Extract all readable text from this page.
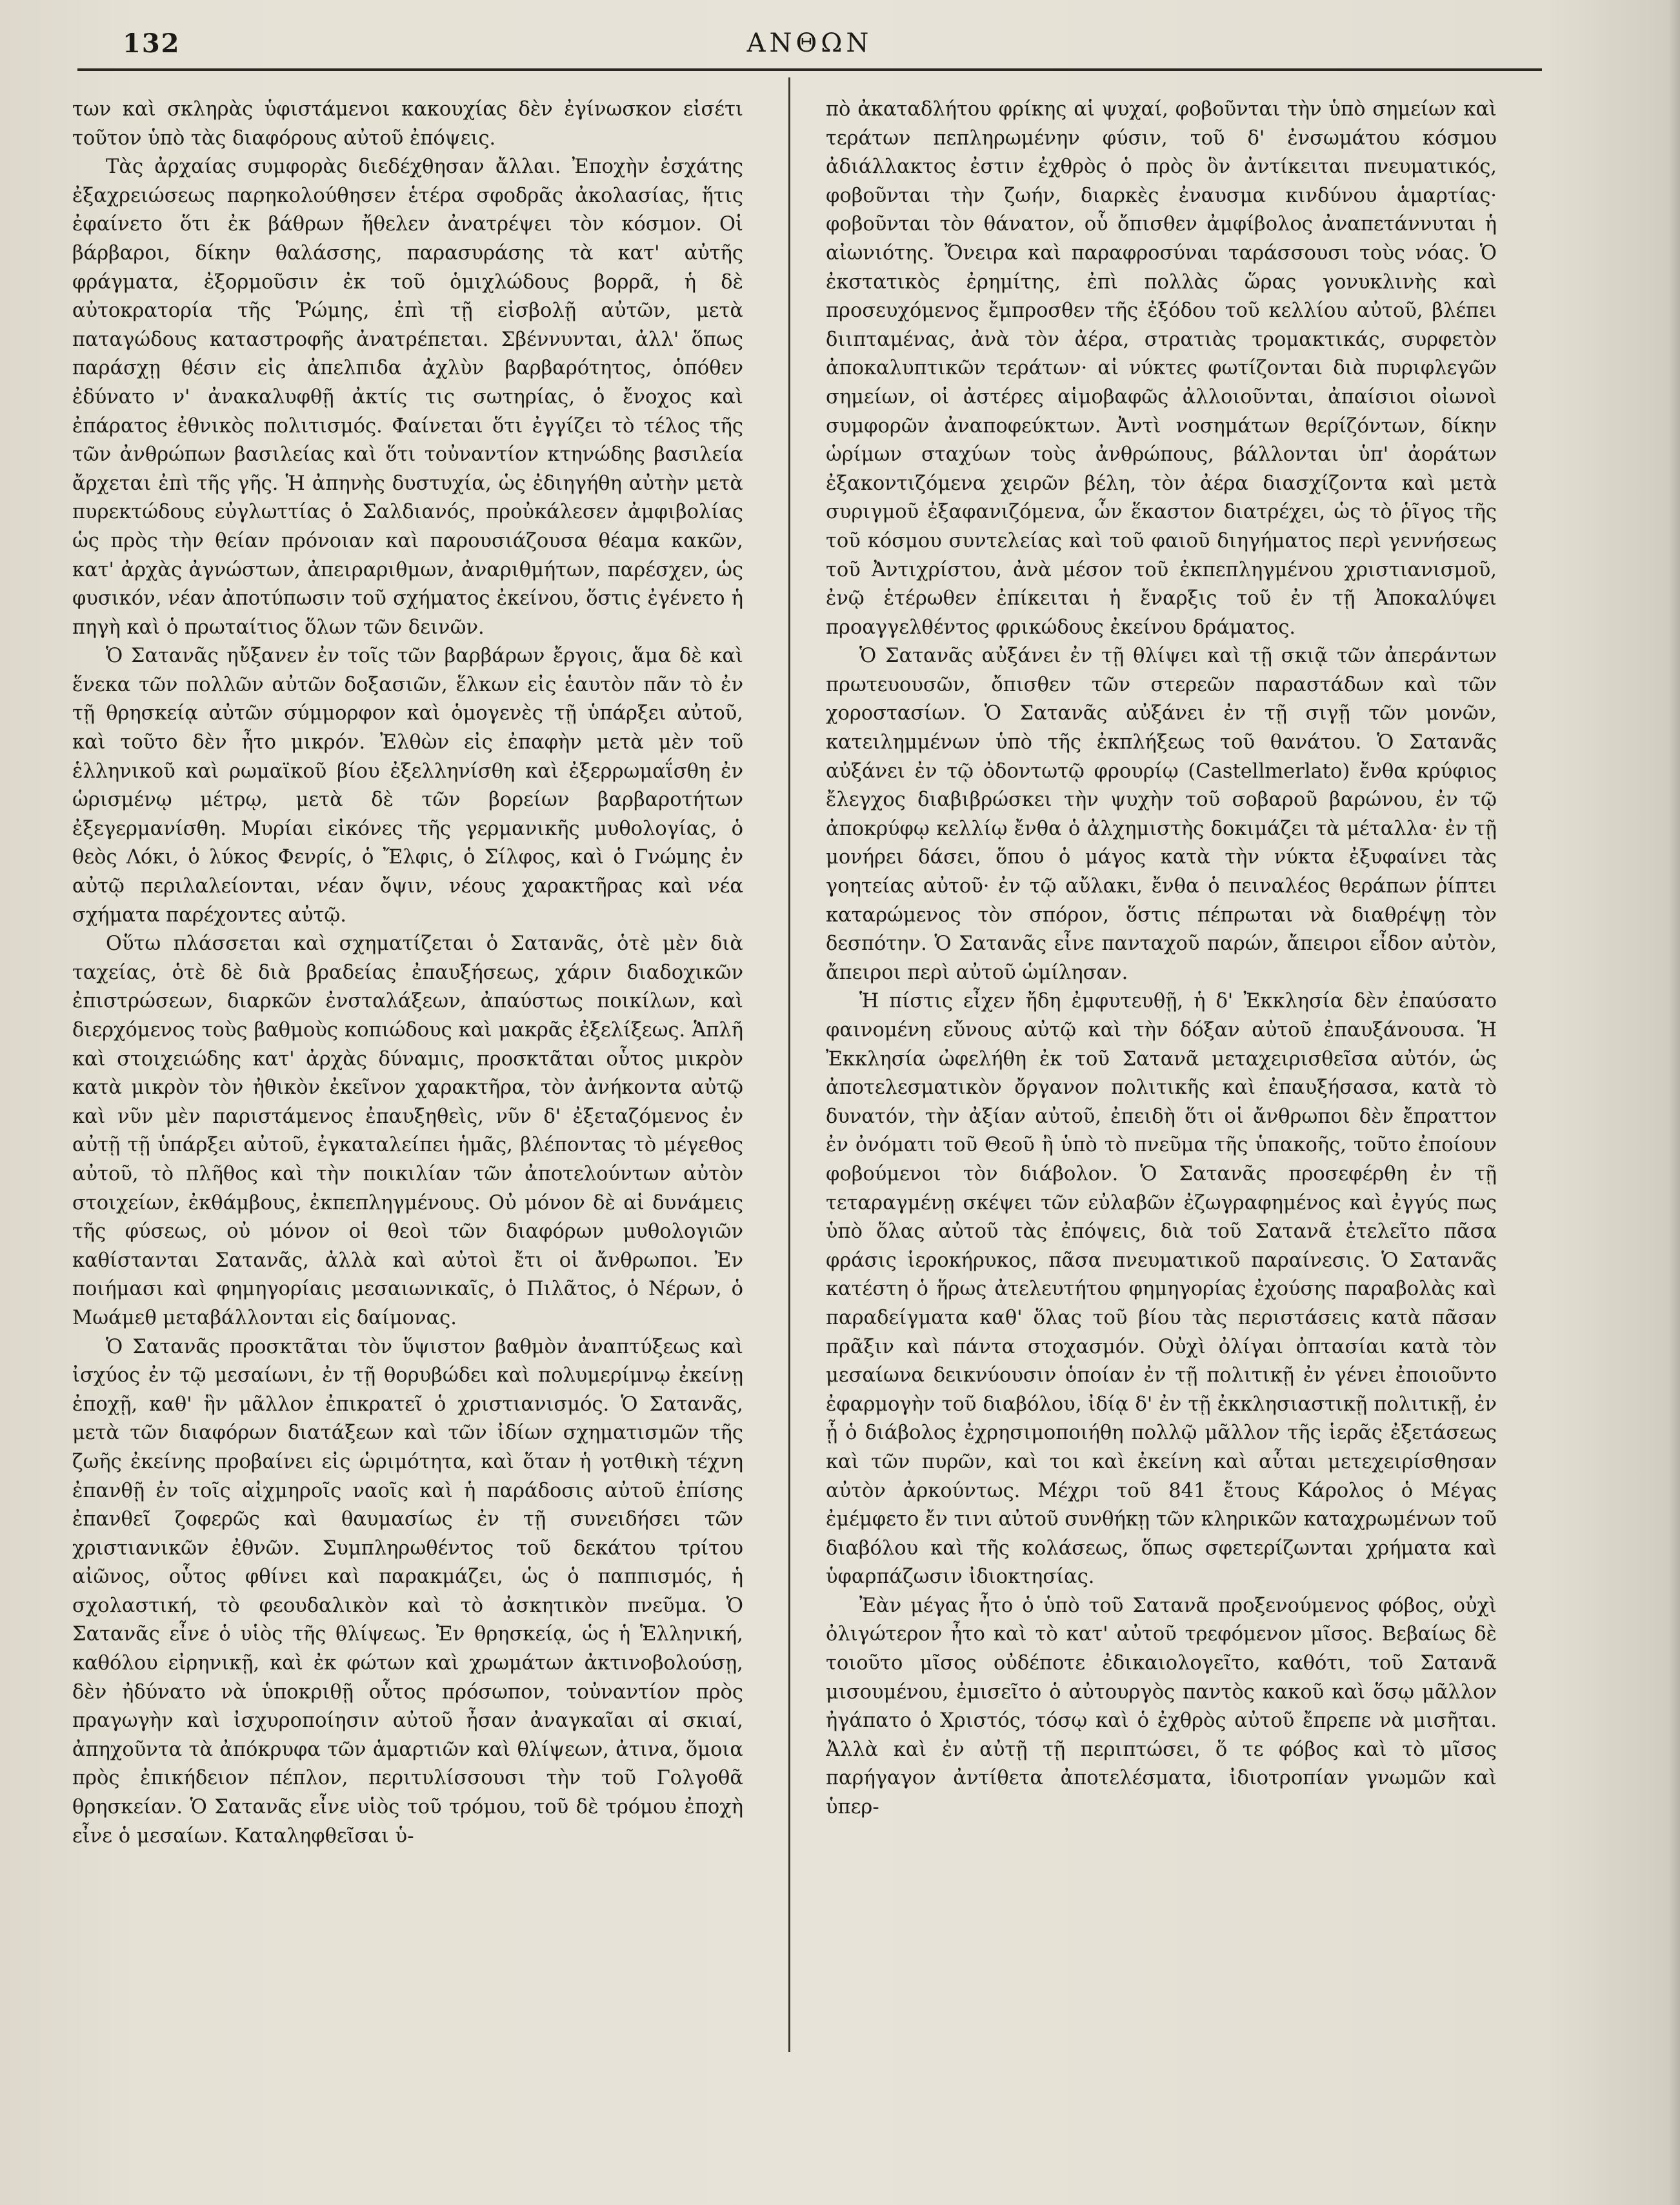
132	ΑΝΘΩΝ

των καὶ σκληρὰς ὑφιστάμενοι κακουχίας δὲν ἐγίνωσκον εἰσέτι τοῦτον ὑπὸ τὰς διαφόρους αὐτοῦ ἐπόψεις.

Τὰς ἀρχαίας συμφορὰς διεδέχθησαν ἄλλαι. Ἐποχὴν ἐσχάτης ἐξαχρειώσεως παρηκολούθησεν ἑτέρα σφοδρᾶς ἀκολασίας, ἥτις ἐφαίνετο ὅτι ἐκ βάθρων ἤθελεν ἀνατρέψει τὸν κόσμον. Οἱ βάρβαροι, δίκην θαλάσσης, παρασυράσης τὰ κατ' αὐτῆς φράγματα, ἐξορμοῦσιν ἐκ τοῦ ὁμιχλώδους βορρᾶ, ἡ δὲ αὐτοκρατορία τῆς Ῥώμης, ἐπὶ τῇ εἰσβολῇ αὐτῶν, μετὰ παταγώδους καταστροφῆς ἀνατρέπεται. Σβέννυνται, ἀλλ' ὅπως παράσχῃ θέσιν εἰς ἀπελπιδα ἀχλὺν βαρβαρότητος, ὁπόθεν ἐδύνατο ν' ἀνακαλυφθῇ ἀκτίς τις σωτηρίας, ὁ ἔνοχος καὶ ἐπάρατος ἐθνικὸς πολιτισμός. Φαίνεται ὅτι ἐγγίζει τὸ τέλος τῆς τῶν ἀνθρώπων βασιλείας καὶ ὅτι τοὐναντίον κτηνώδης βασιλεία ἄρχεται ἐπὶ τῆς γῆς. Ἡ ἀπηνὴς δυστυχία, ὡς ἐδιηγήθη αὐτὴν μετὰ πυρεκτώδους εὐγλωττίας ὁ Σαλδιανός, προὐκάλεσεν ἀμφιβολίας ὡς πρὸς τὴν θείαν πρόνοιαν καὶ παρουσιάζουσα θέαμα κακῶν, κατ' ἀρχὰς ἀγνώστων, ἀπειραριθμων, ἀναριθμήτων, παρέσχεν, ὡς φυσικόν, νέαν ἀποτύπωσιν τοῦ σχήματος ἐκείνου, ὅστις ἐγένετο ἡ πηγὴ καὶ ὁ πρωταίτιος ὅλων τῶν δεινῶν.

Ὁ Σατανᾶς ηὔξανεν ἐν τοῖς τῶν βαρβάρων ἔργοις, ἅμα δὲ καὶ ἕνεκα τῶν πολλῶν αὐτῶν δοξασιῶν, ἕλκων εἰς ἑαυτὸν πᾶν τὸ ἐν τῇ θρησκείᾳ αὐτῶν σύμμορφον καὶ ὁμογενὲς τῇ ὑπάρξει αὐτοῦ, καὶ τοῦτο δὲν ἦτο μικρόν. Ἐλθὼν εἰς ἐπαφὴν μετὰ μὲν τοῦ ἑλληνικοῦ καὶ ρωμαϊκοῦ βίου ἐξελληνίσθη καὶ ἐξερρωμαΐσθη ἐν ὡρισμένῳ μέτρῳ, μετὰ δὲ τῶν βορείων βαρβαροτήτων ἐξεγερμανίσθη. Μυρίαι εἰκόνες τῆς γερμανικῆς μυθολογίας, ὁ θεὸς Λόκι, ὁ λύκος Φενρίς, ὁ Ἔλφις, ὁ Σίλφος, καὶ ὁ Γνώμης ἐν αὐτῷ περιλαλείονται, νέαν ὄψιν, νέους χαρακτῆρας καὶ νέα σχήματα παρέχοντες αὐτῷ.

Οὕτω πλάσσεται καὶ σχηματίζεται ὁ Σατανᾶς, ὁτὲ μὲν διὰ ταχείας, ὁτὲ δὲ διὰ βραδείας ἐπαυξήσεως, χάριν διαδοχικῶν ἐπιστρώσεων, διαρκῶν ἐνσταλάξεων, ἀπαύστως ποικίλων, καὶ διερχόμενος τοὺς βαθμοὺς κοπιώδους καὶ μακρᾶς ἐξελίξεως. Ἁπλῆ καὶ στοιχειώδης κατ' ἀρχὰς δύναμις, προσκτᾶται οὗτος μικρὸν κατὰ μικρὸν τὸν ἠθικὸν ἐκεῖνον χαρακτῆρα, τὸν ἀνήκοντα αὐτῷ καὶ νῦν μὲν παριστάμενος ἐπαυξηθεὶς, νῦν δ' ἐξεταζόμενος ἐν αὐτῇ τῇ ὑπάρξει αὐτοῦ, ἐγκαταλείπει ἡμᾶς, βλέποντας τὸ μέγεθος αὐτοῦ, τὸ πλῆθος καὶ τὴν ποικιλίαν τῶν ἀποτελούντων αὐτὸν στοιχείων, ἐκθάμβους, ἐκπεπληγμένους. Οὐ μόνον δὲ αἱ δυνάμεις τῆς φύσεως, οὐ μόνον οἱ θεοὶ τῶν διαφόρων μυθολογιῶν καθίστανται Σατανᾶς, ἀλλὰ καὶ αὐτοὶ ἔτι οἱ ἄνθρωποι. Ἐν ποιήμασι καὶ φημηγορίαις μεσαιωνικαῖς, ὁ Πιλᾶτος, ὁ Νέρων, ὁ Μωάμεθ μεταβάλλονται εἰς δαίμονας.

Ὁ Σατανᾶς προσκτᾶται τὸν ὕψιστον βαθμὸν ἀναπτύξεως καὶ ἰσχύος ἐν τῷ μεσαίωνι, ἐν τῇ θορυβώδει καὶ πολυμερίμνῳ ἐκείνῃ ἐποχῇ, καθ' ἣν μᾶλλον ἐπικρατεῖ ὁ χριστιανισμός. Ὁ Σατανᾶς, μετὰ τῶν διαφόρων διατάξεων καὶ τῶν ἰδίων σχηματισμῶν τῆς ζωῆς ἐκείνης προβαίνει εἰς ὡριμότητα, καὶ ὅταν ἡ γοτθικὴ τέχνη ἐπανθῇ ἐν τοῖς αἰχμηροῖς ναοῖς καὶ ἡ παράδοσις αὐτοῦ ἐπίσης ἐπανθεῖ ζοφερῶς καὶ θαυμασίως ἐν τῇ συνειδήσει τῶν χριστιανικῶν ἐθνῶν. Συμπληρωθέντος τοῦ δεκάτου τρίτου αἰῶνος, οὗτος φθίνει καὶ παρακμάζει, ὡς ὁ παππισμός, ἡ σχολαστική, τὸ φεουδαλικὸν καὶ τὸ ἀσκητικὸν πνεῦμα. Ὁ Σατανᾶς εἶνε ὁ υἱὸς τῆς θλίψεως. Ἐν θρησκείᾳ, ὡς ἡ Ἑλληνική, καθόλου εἰρηνικῇ, καὶ ἐκ φώτων καὶ χρωμάτων ἀκτινοβολούσῃ, δὲν ἠδύνατο νὰ ὑποκριθῇ οὗτος πρόσωπον, τοὐναντίον πρὸς πραγωγὴν καὶ ἰσχυροποίησιν αὐτοῦ ἦσαν ἀναγκαῖαι αἱ σκιαί, ἀπηχοῦντα τὰ ἀπόκρυφα τῶν ἁμαρτιῶν καὶ θλίψεων, ἀτινα, ὅμοια πρὸς ἐπικήδειον πέπλον, περιτυλίσσουσι τὴν τοῦ Γολγοθᾶ θρησκείαν. Ὁ Σατανᾶς εἶνε υἱὸς τοῦ τρόμου, τοῦ δὲ τρόμου ἐποχὴ εἶνε ὁ μεσαίων. Καταληφθεῖσαι ὑ-

πὸ ἀκαταδλήτου φρίκης αἱ ψυχαί, φοβοῦνται τὴν ὑπὸ σημείων καὶ τεράτων πεπληρωμένην φύσιν, τοῦ δ' ἐνσωμάτου κόσμου ἀδιάλλακτος ἐστιν ἐχθρὸς ὁ πρὸς ὃν ἀντίκειται πνευματικός, φοβοῦνται τὴν ζωήν, διαρκὲς ἐναυσμα κινδύνου ἁμαρτίας· φοβοῦνται τὸν θάνατον, οὗ ὄπισθεν ἀμφίβολος ἀναπετάννυται ἡ αἰωνιότης. Ὄνειρα καὶ παραφροσύναι ταράσσουσι τοὺς νόας. Ὁ ἐκστατικὸς ἐρημίτης, ἐπὶ πολλὰς ὥρας γονυκλινὴς καὶ προσευχόμενος ἔμπροσθεν τῆς ἐξόδου τοῦ κελλίου αὐτοῦ, βλέπει διιπταμένας, ἀνὰ τὸν ἀέρα, στρατιὰς τρομακτικάς, συρφετὸν ἀποκαλυπτικῶν τεράτων· αἱ νύκτες φωτίζονται διὰ πυριφλεγῶν σημείων, οἱ ἀστέρες αἱμοβαφῶς ἀλλοιοῦνται, ἀπαίσιοι οἰωνοὶ συμφορῶν ἀναποφεύκτων. Ἀντὶ νοσημάτων θερίζόντων, δίκην ὡρίμων σταχύων τοὺς ἀνθρώπους, βάλλονται ὑπ' ἀοράτων ἐξακοντιζόμενα χειρῶν βέλη, τὸν ἀέρα διασχίζοντα καὶ μετὰ συριγμοῦ ἐξαφανιζόμενα, ὧν ἕκαστον διατρέχει, ὡς τὸ ῥῖγος τῆς τοῦ κόσμου συντελείας καὶ τοῦ φαιοῦ διηγήματος περὶ γεννήσεως τοῦ Ἀντιχρίστου, ἀνὰ μέσον τοῦ ἐκπεπληγμένου χριστιανισμοῦ, ἐνῷ ἑτέρωθεν ἐπίκειται ἡ ἔναρξις τοῦ ἐν τῇ Ἀποκαλύψει προαγγελθέντος φρικώδους ἐκείνου δράματος.

Ὁ Σατανᾶς αὐξάνει ἐν τῇ θλίψει καὶ τῇ σκιᾷ τῶν ἀπεράντων πρωτευουσῶν, ὄπισθεν τῶν στερεῶν παραστάδων καὶ τῶν χοροστασίων. Ὁ Σατανᾶς αὐξάνει ἐν τῇ σιγῇ τῶν μονῶν, κατειλημμένων ὑπὸ τῆς ἐκπλήξεως τοῦ θανάτου. Ὁ Σατανᾶς αὐξάνει ἐν τῷ ὀδοντωτῷ φρουρίῳ (Castellmerlato) ἔνθα κρύφιος ἔλεγχος διαβιβρώσκει τὴν ψυχὴν τοῦ σοβαροῦ βαρώνου, ἐν τῷ ἀποκρύφῳ κελλίῳ ἔνθα ὁ ἀλχημιστὴς δοκιμάζει τὰ μέταλλα· ἐν τῇ μονήρει δάσει, ὅπου ὁ μάγος κατὰ τὴν νύκτα ἐξυφαίνει τὰς γοητείας αὐτοῦ· ἐν τῷ αὔλακι, ἔνθα ὁ πειναλέος θεράπων ῥίπτει καταρώμενος τὸν σπόρον, ὅστις πέπρωται νὰ διαθρέψῃ τὸν δεσπότην. Ὁ Σατανᾶς εἶνε πανταχοῦ παρών, ἄπειροι εἶδον αὐτὸν, ἄπειροι περὶ αὐτοῦ ὡμίλησαν.

Ἡ πίστις εἶχεν ἤδη ἐμφυτευθῇ, ἡ δ' Ἐκκλησία δὲν ἐπαύσατο φαινομένη εὔνους αὐτῷ καὶ τὴν δόξαν αὐτοῦ ἐπαυξάνουσα. Ἡ Ἐκκλησία ὠφελήθη ἐκ τοῦ Σατανᾶ μεταχειρισθεῖσα αὐτόν, ὡς ἀποτελεσματικὸν ὄργανον πολιτικῆς καὶ ἐπαυξήσασα, κατὰ τὸ δυνατόν, τὴν ἀξίαν αὐτοῦ, ἐπειδὴ ὅτι οἱ ἄνθρωποι δὲν ἔπραττον ἐν ὀνόματι τοῦ Θεοῦ ἢ ὑπὸ τὸ πνεῦμα τῆς ὑπακοῆς, τοῦτο ἐποίουν φοβούμενοι τὸν διάβολον. Ὁ Σατανᾶς προσεφέρθη ἐν τῇ τεταραγμένῃ σκέψει τῶν εὐλαβῶν ἐζωγραφημένος καὶ ἐγγύς πως ὑπὸ ὅλας αὐτοῦ τὰς ἐπόψεις, διὰ τοῦ Σατανᾶ ἐτελεῖτο πᾶσα φράσις ἱεροκήρυκος, πᾶσα πνευματικοῦ παραίνεσις. Ὁ Σατανᾶς κατέστη ὁ ἥρως ἀτελευτήτου φημηγορίας ἐχούσης παραβολὰς καὶ παραδείγματα καθ' ὅλας τοῦ βίου τὰς περιστάσεις κατὰ πᾶσαν πρᾶξιν καὶ πάντα στοχασμόν. Οὐχὶ ὀλίγαι ὀπτασίαι κατὰ τὸν μεσαίωνα δεικνύουσιν ὁποίαν ἐν τῇ πολιτικῇ ἐν γένει ἐποιοῦντο ἐφαρμογὴν τοῦ διαβόλου, ἰδίᾳ δ' ἐν τῇ ἐκκλησιαστικῇ πολιτικῇ, ἐν ᾗ ὁ διάβολος ἐχρησιμοποιήθη πολλῷ μᾶλλον τῆς ἱερᾶς ἐξετάσεως καὶ τῶν πυρῶν, καὶ τοι καὶ ἐκείνη καὶ αὗται μετεχειρίσθησαν αὐτὸν ἀρκούντως. Μέχρι τοῦ 841 ἔτους Κάρολος ὁ Μέγας ἐμέμφετο ἔν τινι αὐτοῦ συνθήκῃ τῶν κληρικῶν καταχρωμένων τοῦ διαβόλου καὶ τῆς κολάσεως, ὅπως σφετερίζωνται χρήματα καὶ ὑφαρπάζωσιν ἰδιοκτησίας.

Ἐὰν μέγας ἦτο ὁ ὑπὸ τοῦ Σατανᾶ προξενούμενος φόβος, οὐχὶ ὀλιγώτερον ἦτο καὶ τὸ κατ' αὐτοῦ τρεφόμενον μῖσος. Βεβαίως δὲ τοιοῦτο μῖσος οὐδέποτε ἐδικαιολογεῖτο, καθότι, τοῦ Σατανᾶ μισουμένου, ἐμισεῖτο ὁ αὐτουργὸς παντὸς κακοῦ καὶ ὅσῳ μᾶλλον ἠγάπατο ὁ Χριστός, τόσῳ καὶ ὁ ἐχθρὸς αὐτοῦ ἔπρεπε νὰ μισῆται. Ἀλλὰ καὶ ἐν αὐτῇ τῇ περιπτώσει, ὅ τε φόβος καὶ τὸ μῖσος παρήγαγον ἀντίθετα ἀποτελέσματα, ἰδιοτροπίαν γνωμῶν καὶ ὑπερ-
